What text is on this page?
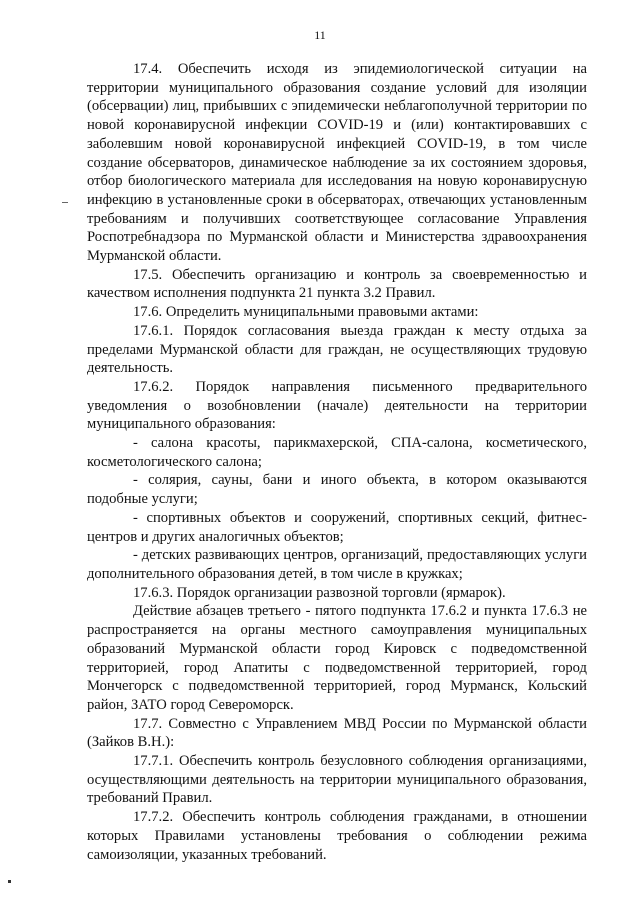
11

17.4. Обеспечить исходя из эпидемиологической ситуации на территории муниципального образования создание условий для изоляции (обсервации) лиц, прибывших с эпидемически неблагополучной территории по новой коронавирусной инфекции COVID-19 и (или) контактировавших с заболевшим новой коронавирусной инфекцией COVID-19, в том числе создание обсерваторов, динамическое наблюдение за их состоянием здоровья, отбор биологического материала для исследования на новую коронавирусную инфекцию в установленные сроки в обсерваторах, отвечающих установленным требованиям и получивших соответствующее согласование Управления Роспотребнадзора по Мурманской области и Министерства здравоохранения Мурманской области.

17.5. Обеспечить организацию и контроль за своевременностью и качеством исполнения подпункта 21 пункта 3.2 Правил.

17.6. Определить муниципальными правовыми актами:

17.6.1. Порядок согласования выезда граждан к месту отдыха за пределами Мурманской области для граждан, не осуществляющих трудовую деятельность.

17.6.2. Порядок направления письменного предварительного уведомления о возобновлении (начале) деятельности на территории муниципального образования:

- салона красоты, парикмахерской, СПА-салона, косметического, косметологического салона;

- солярия, сауны, бани и иного объекта, в котором оказываются подобные услуги;

- спортивных объектов и сооружений, спортивных секций, фитнес-центров и других аналогичных объектов;

- детских развивающих центров, организаций, предоставляющих услуги дополнительного образования детей, в том числе в кружках;

17.6.3. Порядок организации развозной торговли (ярмарок).

Действие абзацев третьего - пятого подпункта 17.6.2 и пункта 17.6.3 не распространяется на органы местного самоуправления муниципальных образований Мурманской области город Кировск с подведомственной территорией, город Апатиты с подведомственной территорией, город Мончегорск с подведомственной территорией, город Мурманск, Кольский район, ЗАТО город Североморск.

17.7. Совместно с Управлением МВД России по Мурманской области (Зайков В.Н.):

17.7.1. Обеспечить контроль безусловного соблюдения организациями, осуществляющими деятельность на территории муниципального образования, требований Правил.

17.7.2. Обеспечить контроль соблюдения гражданами, в отношении которых Правилами установлены требования о соблюдении режима самоизоляции, указанных требований.
